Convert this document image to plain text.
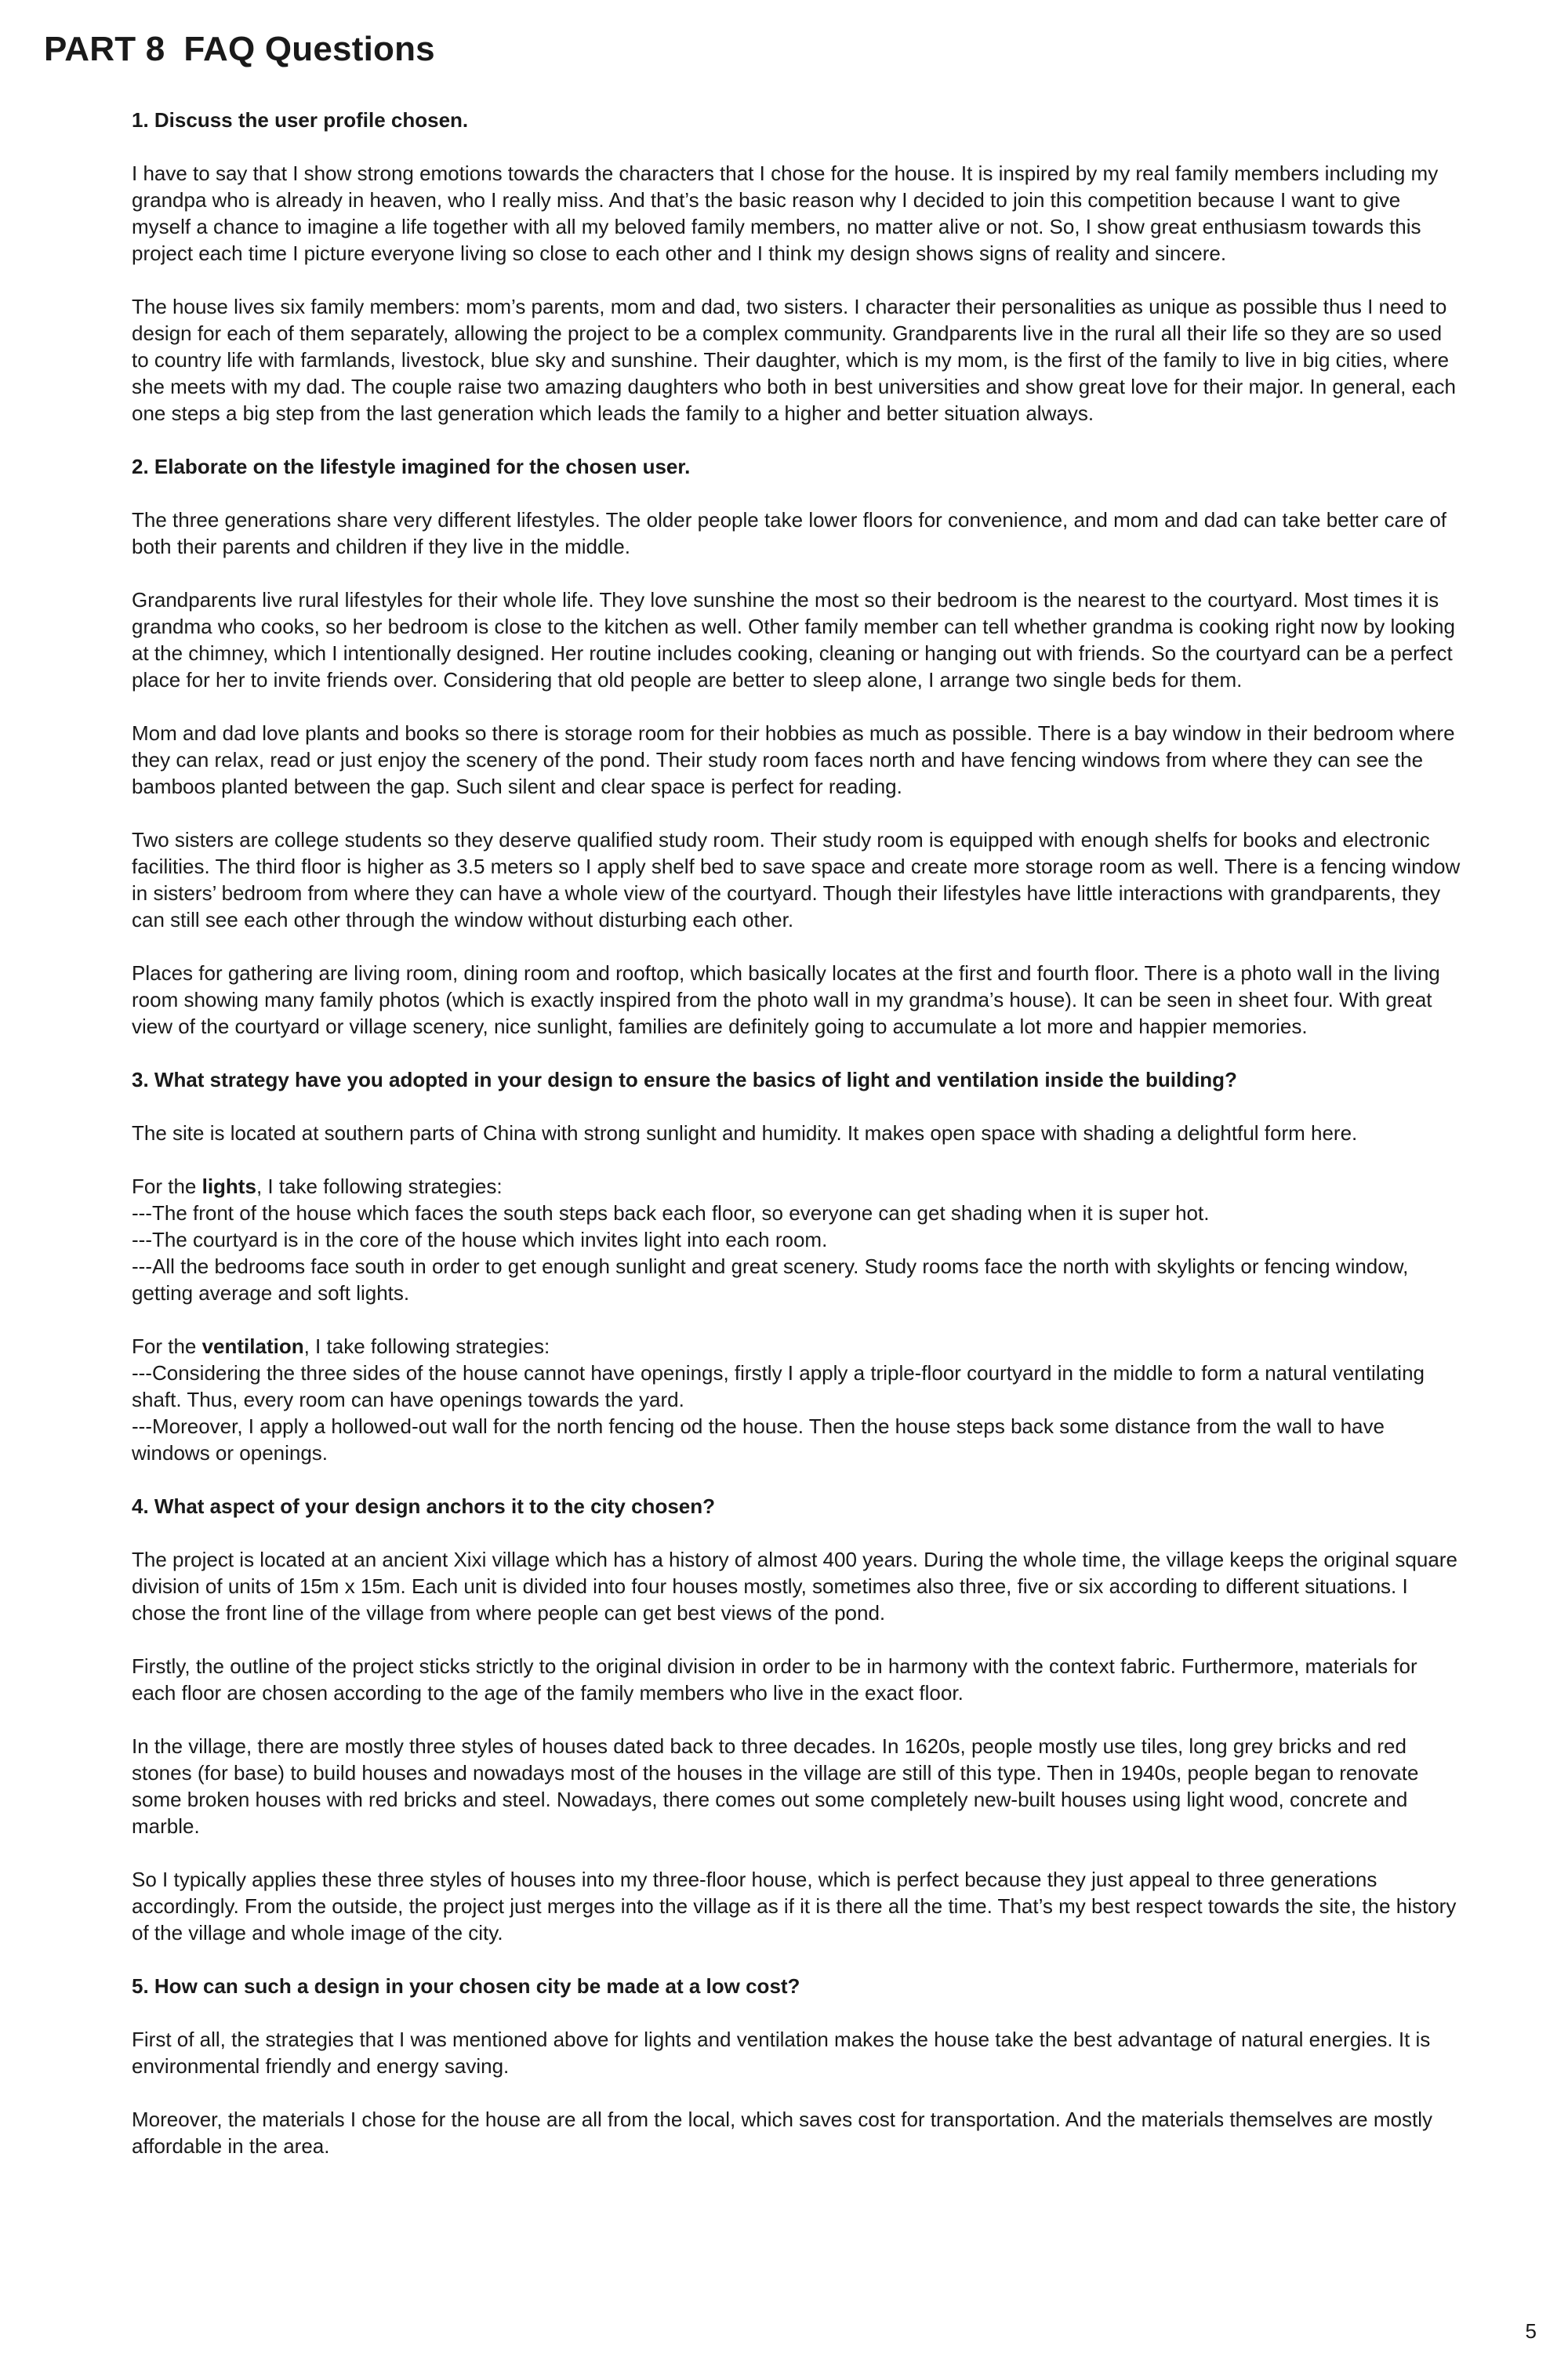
PART 8 FAQ Questions
1. Discuss the user profile chosen.
I have to say that I show strong emotions towards the characters that I chose for the house. It is inspired by my real family members including my grandpa who is already in heaven, who I really miss. And that’s the basic reason why I decided to join this competition because I want to give myself a chance to imagine a life together with all my beloved family members, no matter alive or not. So, I show great enthusiasm towards this project each time I picture everyone living so close to each other and I think my design shows signs of reality and sincere.
The house lives six family members: mom’s parents, mom and dad, two sisters. I character their personalities as unique as possible thus I need to design for each of them separately, allowing the project to be a complex community. Grandparents live in the rural all their life so they are so used to country life with farmlands, livestock, blue sky and sunshine. Their daughter, which is my mom, is the first of the family to live in big cities, where she meets with my dad. The couple raise two amazing daughters who both in best universities and show great love for their major. In general, each one steps a big step from the last generation which leads the family to a higher and better situation always.
2. Elaborate on the lifestyle imagined for the chosen user.
The three generations share very different lifestyles. The older people take lower floors for convenience, and mom and dad can take better care of both their parents and children if they live in the middle.
Grandparents live rural lifestyles for their whole life. They love sunshine the most so their bedroom is the nearest to the courtyard. Most times it is grandma who cooks, so her bedroom is close to the kitchen as well. Other family member can tell whether grandma is cooking right now by looking at the chimney, which I intentionally designed. Her routine includes cooking, cleaning or hanging out with friends. So the courtyard can be a perfect place for her to invite friends over. Considering that old people are better to sleep alone, I arrange two single beds for them.
Mom and dad love plants and books so there is storage room for their hobbies as much as possible. There is a bay window in their bedroom where they can relax, read or just enjoy the scenery of the pond. Their study room faces north and have fencing windows from where they can see the bamboos planted between the gap. Such silent and clear space is perfect for reading.
Two sisters are college students so they deserve qualified study room. Their study room is equipped with enough shelfs for books and electronic facilities. The third floor is higher as 3.5 meters so I apply shelf bed to save space and create more storage room as well. There is a fencing window in sisters’ bedroom from where they can have a whole view of the courtyard. Though their lifestyles have little interactions with grandparents, they can still see each other through the window without disturbing each other.
Places for gathering are living room, dining room and rooftop, which basically locates at the first and fourth floor. There is a photo wall in the living room showing many family photos (which is exactly inspired from the photo wall in my grandma’s house). It can be seen in sheet four. With great view of the courtyard or village scenery, nice sunlight, families are definitely going to accumulate a lot more and happier memories.
3. What strategy have you adopted in your design to ensure the basics of light and ventilation inside the building?
The site is located at southern parts of China with strong sunlight and humidity. It makes open space with shading a delightful form here.
For the lights, I take following strategies:
---The front of the house which faces the south steps back each floor, so everyone can get shading when it is super hot.
---The courtyard is in the core of the house which invites light into each room.
---All the bedrooms face south in order to get enough sunlight and great scenery. Study rooms face the north with skylights or fencing window, getting average and soft lights.
For the ventilation, I take following strategies:
---Considering the three sides of the house cannot have openings, firstly I apply a triple-floor courtyard in the middle to form a natural ventilating shaft. Thus, every room can have openings towards the yard.
---Moreover, I apply a hollowed-out wall for the north fencing od the house. Then the house steps back some distance from the wall to have windows or openings.
4. What aspect of your design anchors it to the city chosen?
The project is located at an ancient Xixi village which has a history of almost 400 years. During the whole time, the village keeps the original square division of units of 15m x 15m. Each unit is divided into four houses mostly, sometimes also three, five or six according to different situations. I chose the front line of the village from where people can get best views of the pond.
Firstly, the outline of the project sticks strictly to the original division in order to be in harmony with the context fabric. Furthermore, materials for each floor are chosen according to the age of the family members who live in the exact floor.
In the village, there are mostly three styles of houses dated back to three decades. In 1620s, people mostly use tiles, long grey bricks and red stones (for base) to build houses and nowadays most of the houses in the village are still of this type. Then in 1940s, people began to renovate some broken houses with red bricks and steel. Nowadays, there comes out some completely new-built houses using light wood, concrete and marble.
So I typically applies these three styles of houses into my three-floor house, which is perfect because they just appeal to three generations accordingly. From the outside, the project just merges into the village as if it is there all the time. That’s my best respect towards the site, the history of the village and whole image of the city.
5. How can such a design in your chosen city be made at a low cost?
First of all, the strategies that I was mentioned above for lights and ventilation makes the house take the best advantage of natural energies. It is environmental friendly and energy saving.
Moreover, the materials I chose for the house are all from the local, which saves cost for transportation. And the materials themselves are mostly affordable in the area.
5
